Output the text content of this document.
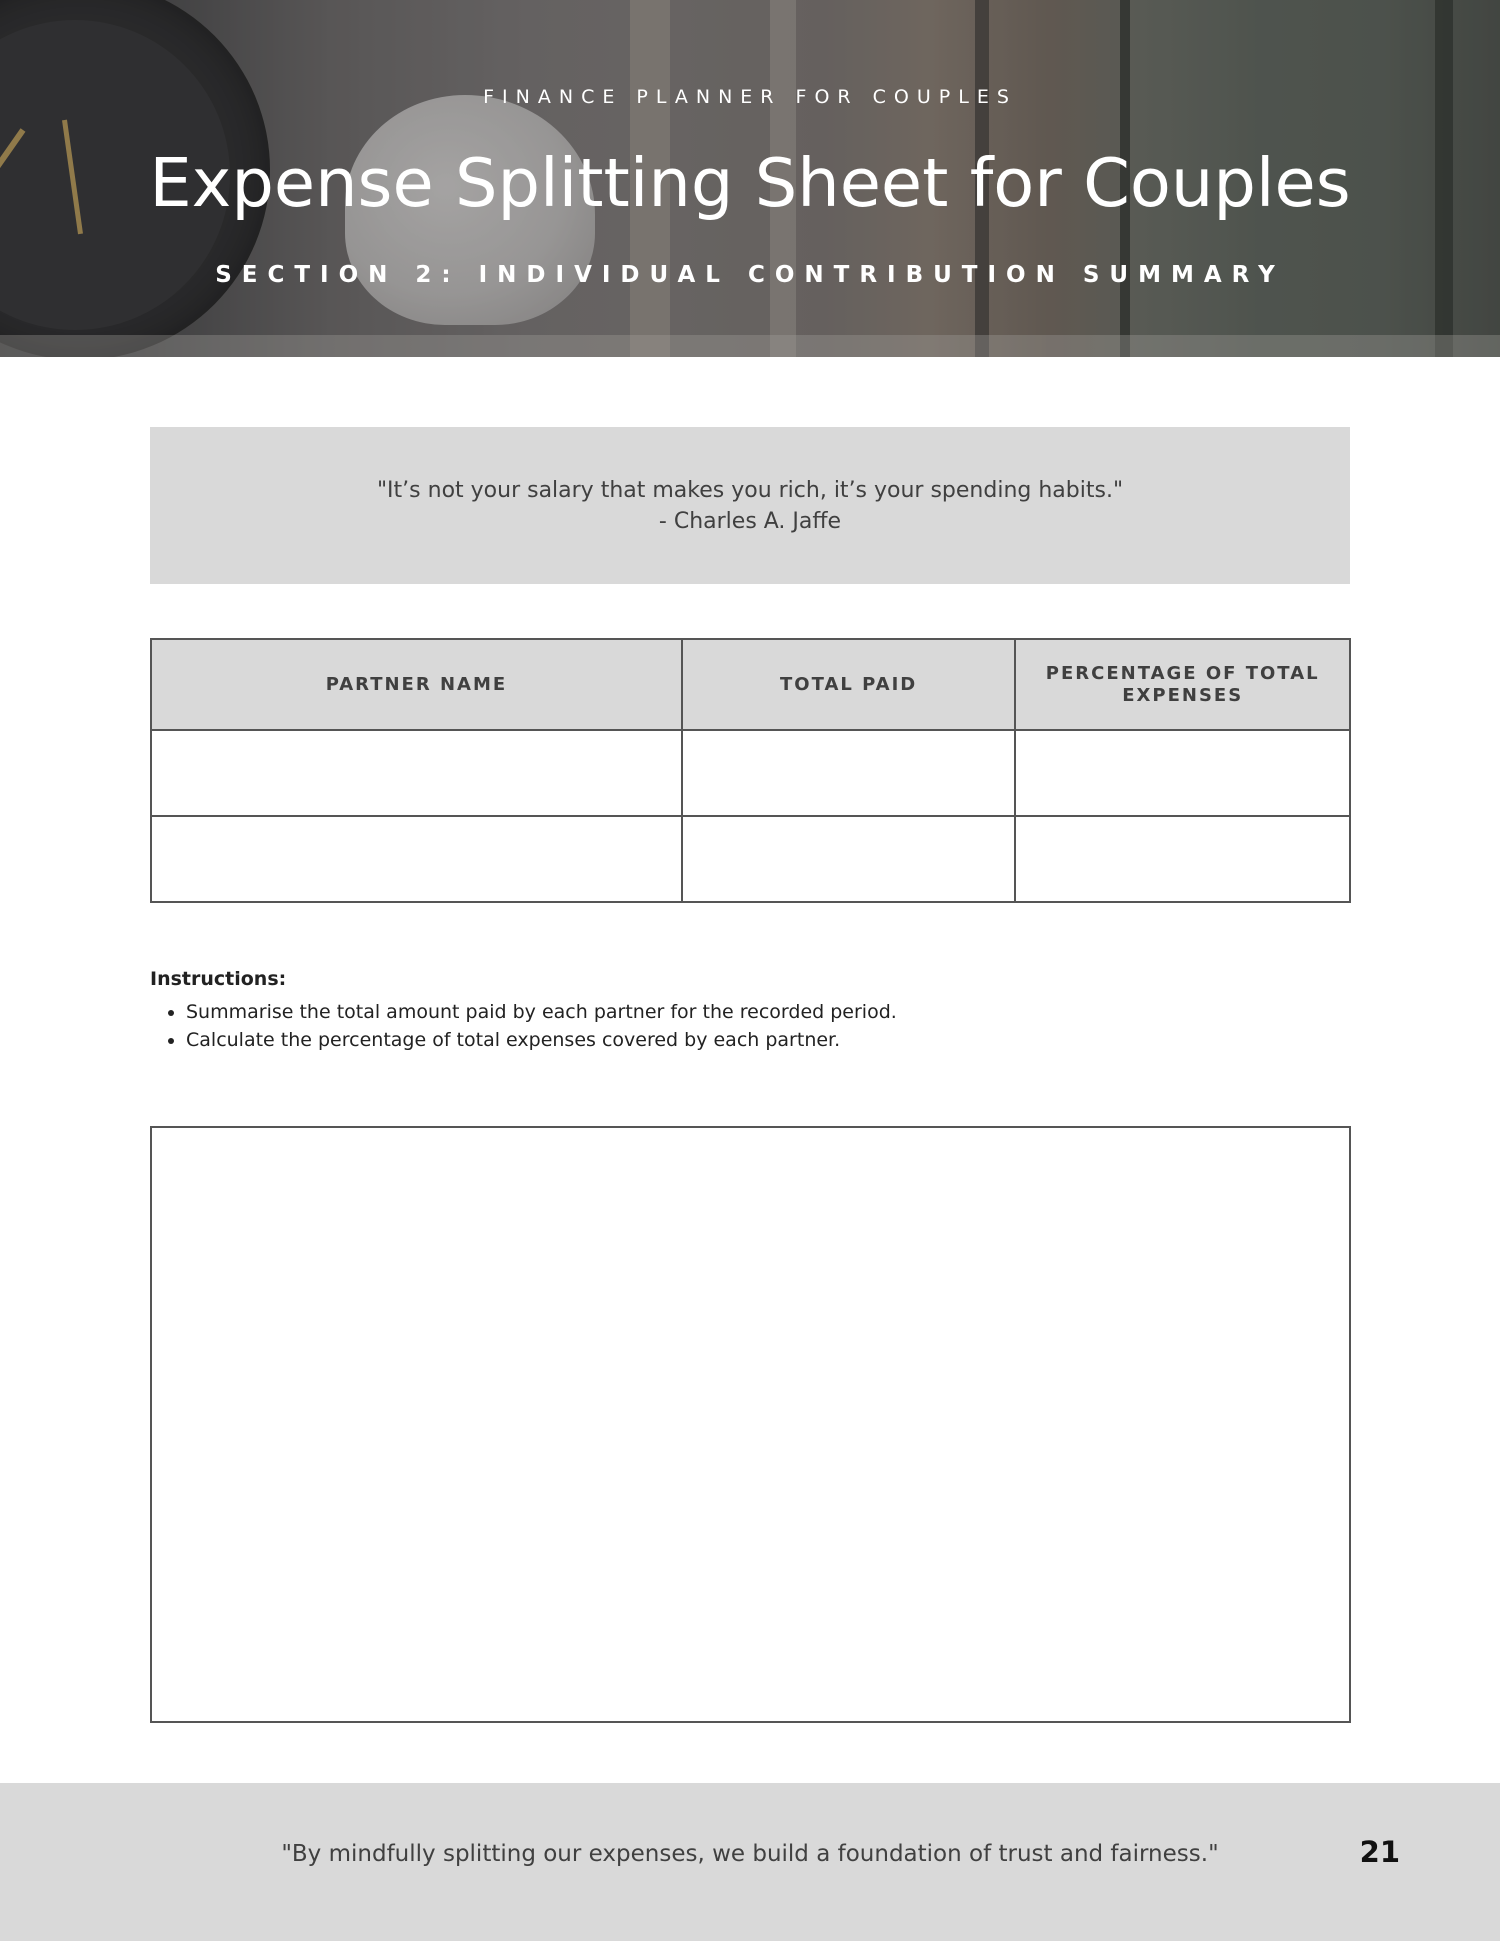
FINANCE PLANNER FOR COUPLES
Expense Splitting Sheet for Couples
SECTION 2: INDIVIDUAL CONTRIBUTION SUMMARY
"It’s not your salary that makes you rich, it’s your spending habits."
- Charles A. Jaffe
PARTNER NAME	TOTAL PAID	PERCENTAGE OF TOTAL EXPENSES

Instructions:
• Summarise the total amount paid by each partner for the recorded period.
• Calculate the percentage of total expenses covered by each partner.
"By mindfully splitting our expenses, we build a foundation of trust and fairness."	21
